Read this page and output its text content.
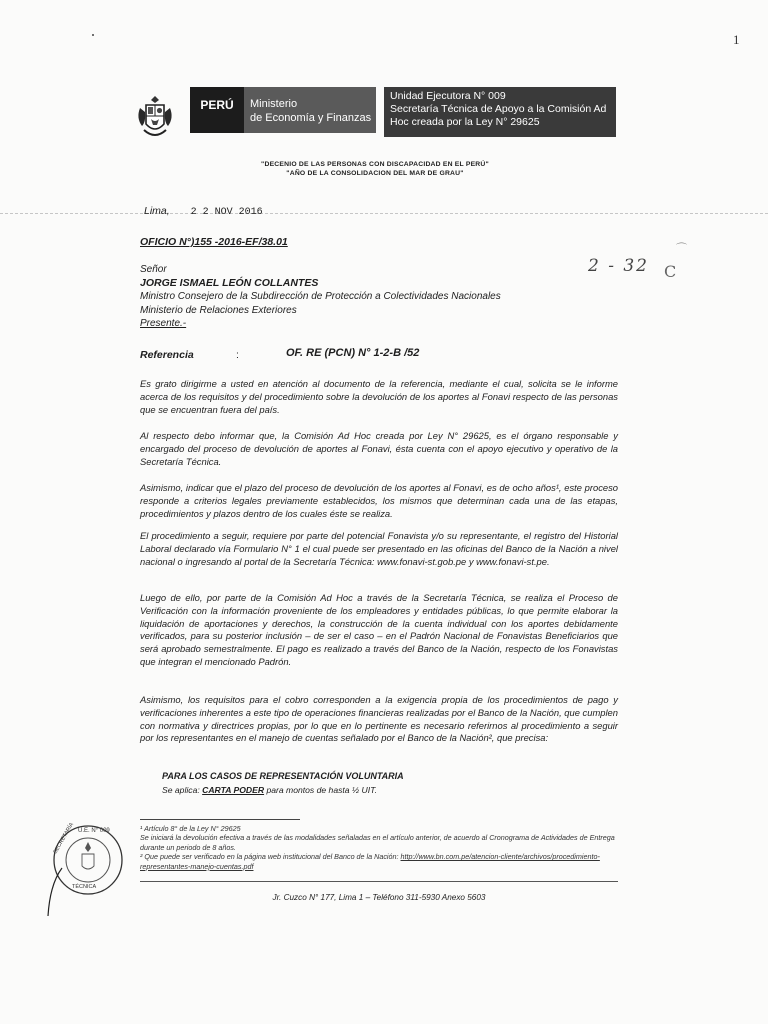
1
PERÚ	Ministerio
de Economía y Finanzas
Unidad Ejecutora N° 009
Secretaría Técnica de Apoyo a la Comisión Ad
Hoc creada por la Ley N° 29625
"DECENIO DE LAS PERSONAS CON DISCAPACIDAD EN EL PERÚ"
"AÑO DE LA CONSOLIDACION DEL MAR DE GRAU"
Lima, 2 2 NOV 2016
OFICIO N°)155 -2016-EF/38.01
2 - 32
⌒
C
Señor
JORGE ISMAEL LEÓN COLLANTES
Ministro Consejero de la Subdirección de Protección a Colectividades Nacionales
Ministerio de Relaciones Exteriores
Presente.-
Referencia	:	OF. RE (PCN) N° 1-2-B /52

Es grato dirigirme a usted en atención al documento de la referencia, mediante el cual, solicita se le informe acerca de los requisitos y del procedimiento sobre la devolución de los aportes al Fonavi respecto de las personas que se encuentran fuera del país.

Al respecto debo informar que, la Comisión Ad Hoc creada por Ley N° 29625, es el órgano responsable y encargado del proceso de devolución de aportes al Fonavi, ésta cuenta con el apoyo ejecutivo y operativo de la Secretaría Técnica.

Asimismo, indicar que el plazo del proceso de devolución de los aportes al Fonavi, es de ocho años¹, este proceso responde a criterios legales previamente establecidos, los mismos que determinan cada una de las etapas, procedimientos y plazos dentro de los cuales éste se realiza.

El procedimiento a seguir, requiere por parte del potencial Fonavista y/o su representante, el registro del Historial Laboral declarado vía Formulario N° 1 el cual puede ser presentado en las oficinas del Banco de la Nación a nivel nacional o ingresando al portal de la Secretaría Técnica: www.fonavi-st.gob.pe y www.fonavi-st.pe.

Luego de ello, por parte de la Comisión Ad Hoc a través de la Secretaría Técnica, se realiza el Proceso de Verificación con la información proveniente de los empleadores y entidades públicas, lo que permite elaborar la liquidación de aportaciones y derechos, la construcción de la cuenta individual con los aportes debidamente verificados, para su posterior inclusión – de ser el caso – en el Padrón Nacional de Fonavistas Beneficiarios que será aprobado semestralmente. El pago es realizado a través del Banco de la Nación, respecto de los Fonavistas que integran el mencionado Padrón.

Asimismo, los requisitos para el cobro corresponden a la exigencia propia de los procedimientos de pago y verificaciones inherentes a este tipo de operaciones financieras realizadas por el Banco de la Nación, que cumplen con normativa y directrices propias, por lo que en lo pertinente es necesario referirnos al procedimiento a seguir por los representantes en el manejo de cuentas señalado por el Banco de la Nación², que precisa:

PARA LOS CASOS DE REPRESENTACIÓN VOLUNTARIA
Se aplica: CARTA PODER para montos de hasta ½ UIT.
¹ Artículo 8° de la Ley N° 29625
Se iniciará la devolución efectiva a través de las modalidades señaladas en el artículo anterior, de acuerdo al Cronograma de Actividades de Entrega durante un periodo de 8 años.
² Que puede ser verificado en la página web institucional del Banco de la Nación: http://www.bn.com.pe/atencion-cliente/archivos/procedimiento-representantes-manejo-cuentas.pdf
Jr. Cuzco N° 177, Lima 1 – Teléfono 311-5930 Anexo 5603
U.E. N° 009
SECRETARÍA
TÉCNICA
